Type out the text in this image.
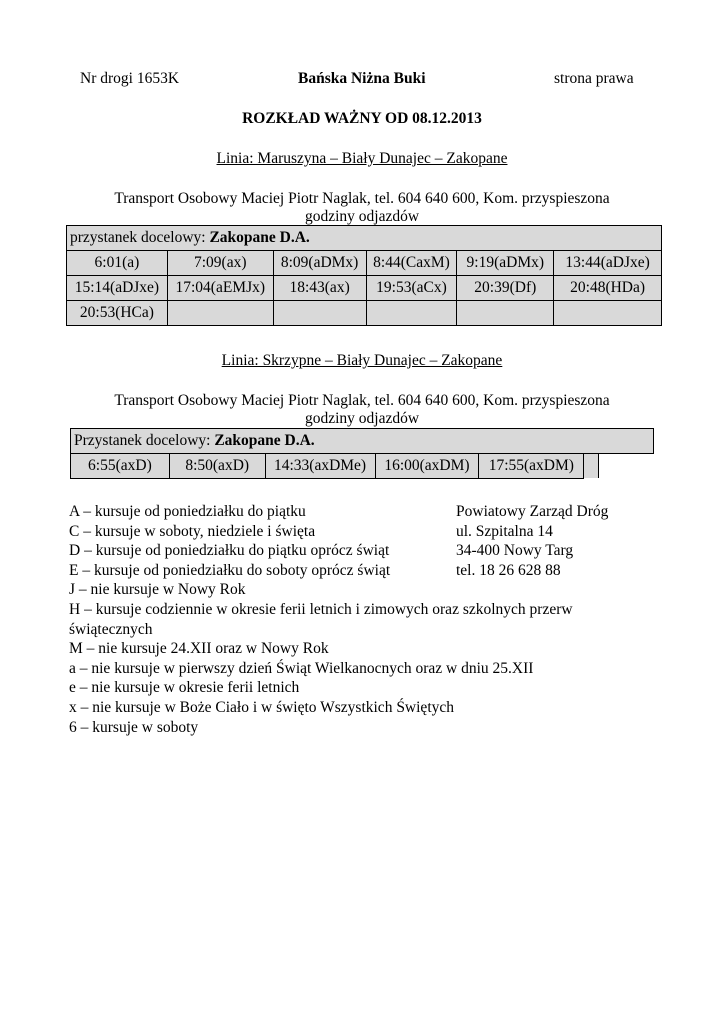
Nr drogi 1653K	Bańska Niżna Buki	strona prawa
ROZKŁAD WAŻNY OD 08.12.2013
Linia: Maruszyna – Biały Dunajec – Zakopane
Transport Osobowy Maciej Piotr Naglak, tel. 604 640 600, Kom. przyspieszona
godziny odjazdów
przystanek docelowy: Zakopane D.A.					
6:01(a)	7:09(ax)	8:09(aDMx)	8:44(CaxM)	9:19(aDMx)	13:44(aDJxe)
15:14(aDJxe)	17:04(aEMJx)	18:43(ax)	19:53(aCx)	20:39(Df)	20:48(HDa)
20:53(HCa)					
Linia: Skrzypne – Biały Dunajec – Zakopane
Transport Osobowy Maciej Piotr Naglak, tel. 604 640 600, Kom. przyspieszona
godziny odjazdów
Przystanek docelowy: Zakopane D.A.
6:55(axD)	8:50(axD)	14:33(axDMe)	16:00(axDM)	17:55(axDM)	
A – kursuje od poniedziałku do piątku
C – kursuje w soboty, niedziele i święta
D – kursuje od poniedziałku do piątku oprócz świąt
E – kursuje od poniedziałku do soboty oprócz świąt
J – nie kursuje w Nowy Rok
H – kursuje codziennie w okresie ferii letnich i zimowych oraz szkolnych przerw
świątecznych
M – nie kursuje 24.XII oraz w Nowy Rok
a – nie kursuje w pierwszy dzień Świąt Wielkanocnych oraz w dniu 25.XII
e – nie kursuje w okresie ferii letnich
x – nie kursuje w Boże Ciało i w święto Wszystkich Świętych
6 – kursuje w soboty
Powiatowy Zarząd Dróg
ul. Szpitalna 14
34-400 Nowy Targ
tel. 18 26 628 88
